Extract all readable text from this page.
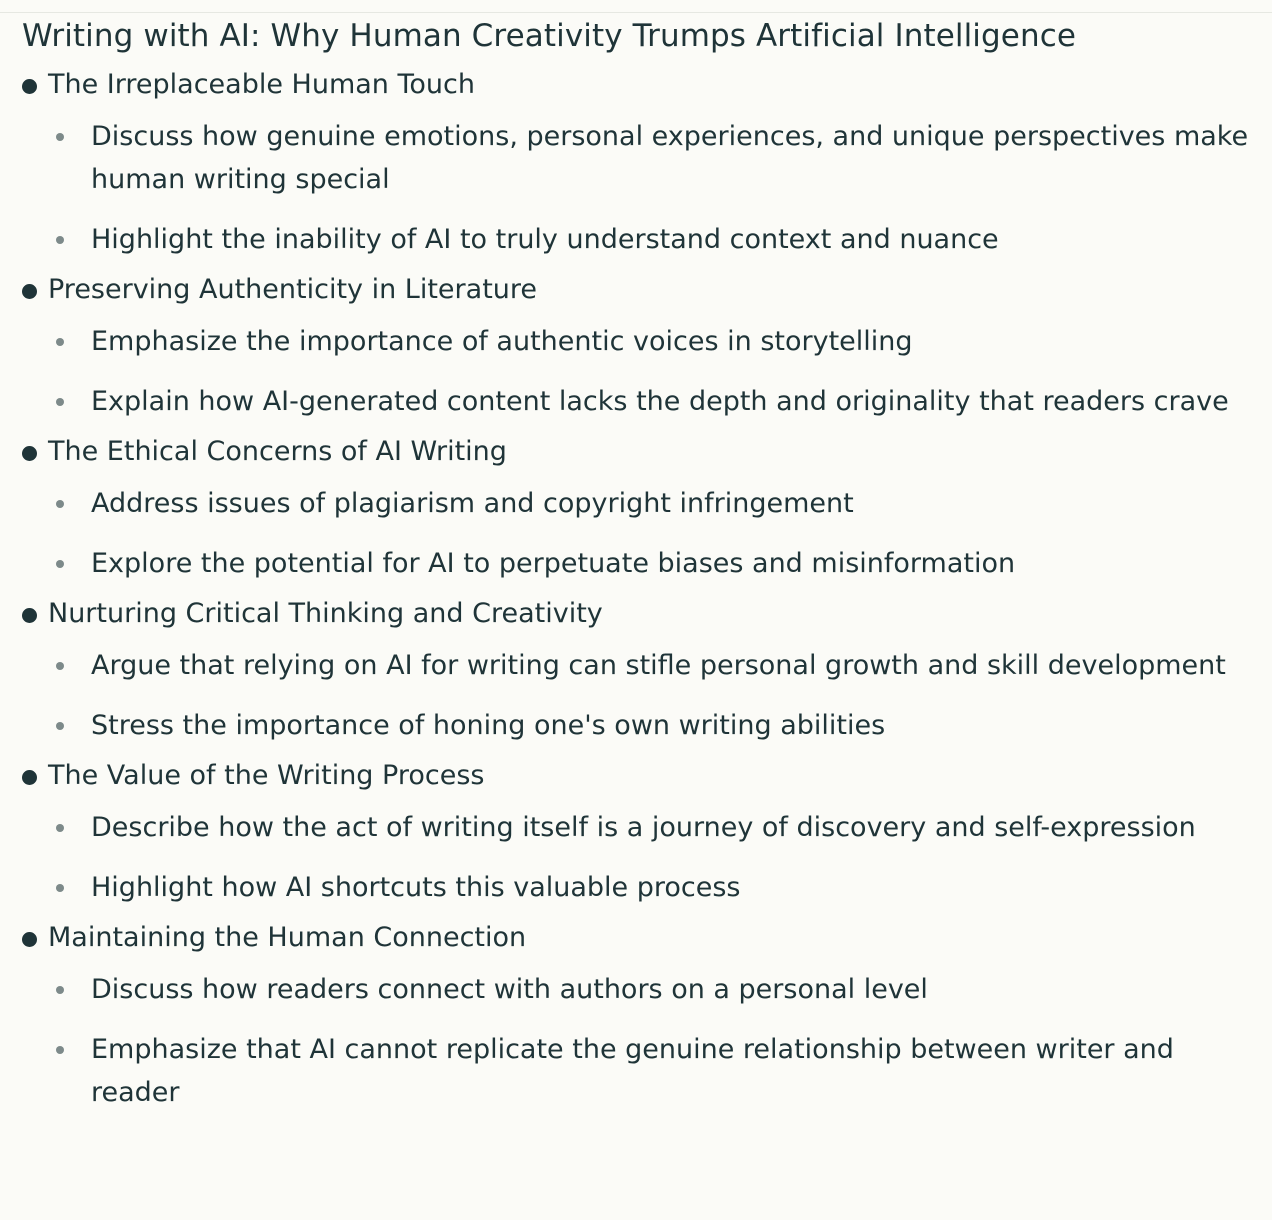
Writing with AI: Why Human Creativity Trumps Artificial Intelligence
The Irreplaceable Human Touch
Discuss how genuine emotions, personal experiences, and unique perspectives make human writing special
Highlight the inability of AI to truly understand context and nuance
Preserving Authenticity in Literature
Emphasize the importance of authentic voices in storytelling
Explain how AI-generated content lacks the depth and originality that readers crave
The Ethical Concerns of AI Writing
Address issues of plagiarism and copyright infringement
Explore the potential for AI to perpetuate biases and misinformation
Nurturing Critical Thinking and Creativity
Argue that relying on AI for writing can stifle personal growth and skill development
Stress the importance of honing one's own writing abilities
The Value of the Writing Process
Describe how the act of writing itself is a journey of discovery and self-expression
Highlight how AI shortcuts this valuable process
Maintaining the Human Connection
Discuss how readers connect with authors on a personal level
Emphasize that AI cannot replicate the genuine relationship between writer and reader
